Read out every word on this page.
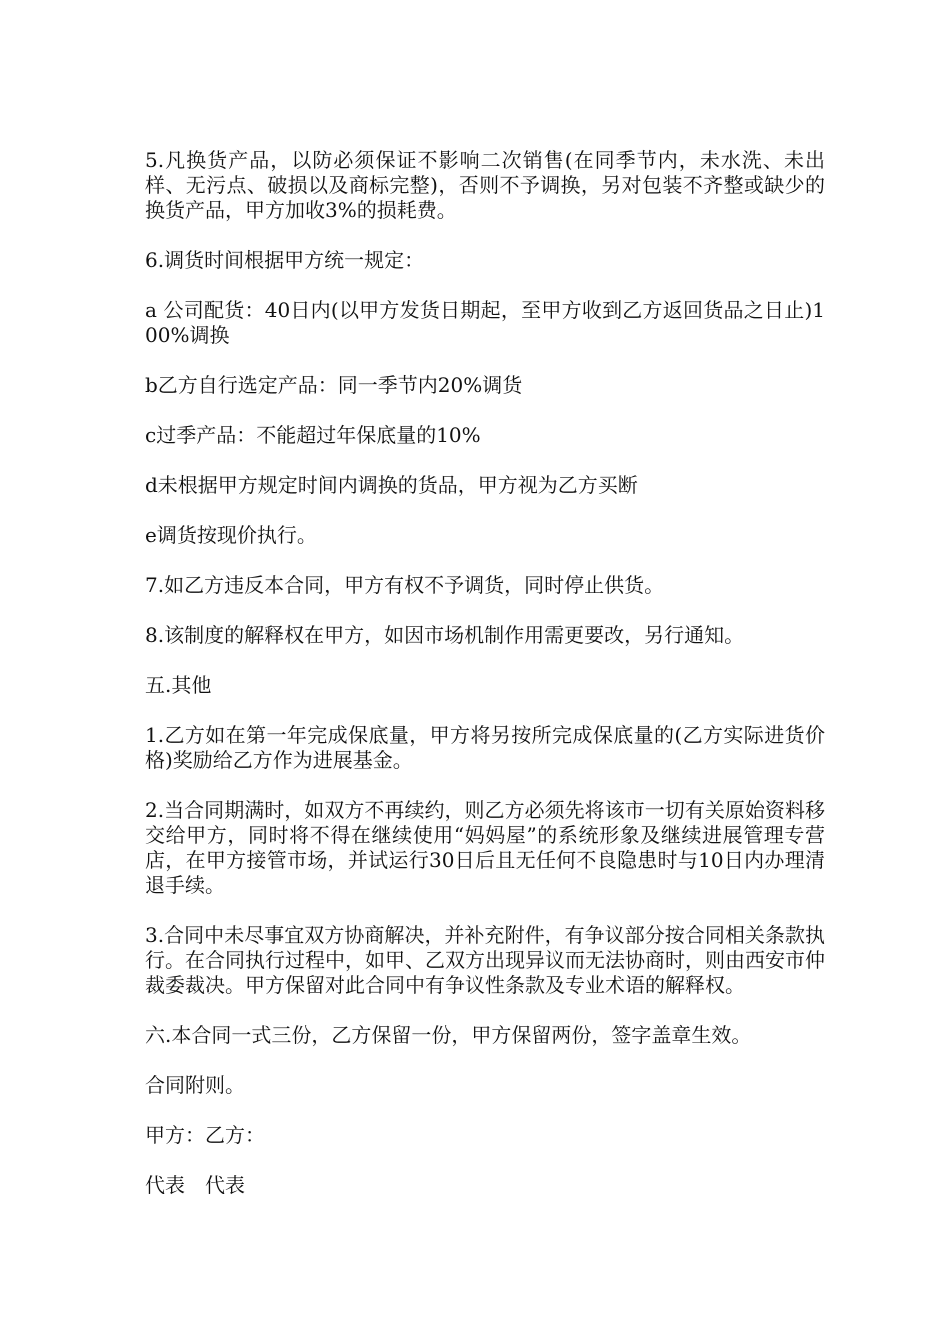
5.凡换货产品，以防必须保证不影响二次销售(在同季节内，未水洗、未出样、无污点、破损以及商标完整)，否则不予调换，另对包装不齐整或缺少的换货产品，甲方加收3%的损耗费。

6.调货时间根据甲方统一规定：

a 公司配货：40日内(以甲方发货日期起，至甲方收到乙方返回货品之日止)100%调换

b乙方自行选定产品：同一季节内20%调货

c过季产品：不能超过年保底量的10%

d未根据甲方规定时间内调换的货品，甲方视为乙方买断

e调货按现价执行。

7.如乙方违反本合同，甲方有权不予调货，同时停止供货。

8.该制度的解释权在甲方，如因市场机制作用需更要改，另行通知。

五.其他

1.乙方如在第一年完成保底量，甲方将另按所完成保底量的(乙方实际进货价格)奖励给乙方作为进展基金。

2.当合同期满时，如双方不再续约，则乙方必须先将该市一切有关原始资料移交给甲方，同时将不得在继续使用“妈妈屋”的系统形象及继续进展管理专营店，在甲方接管市场，并试运行30日后且无任何不良隐患时与10日内办理清退手续。

3.合同中未尽事宜双方协商解决，并补充附件，有争议部分按合同相关条款执行。在合同执行过程中，如甲、乙双方出现异议而无法协商时，则由西安市仲裁委裁决。甲方保留对此合同中有争议性条款及专业术语的解释权。

六.本合同一式三份，乙方保留一份，甲方保留两份，签字盖章生效。

合同附则。

甲方：乙方：

代表　代表
